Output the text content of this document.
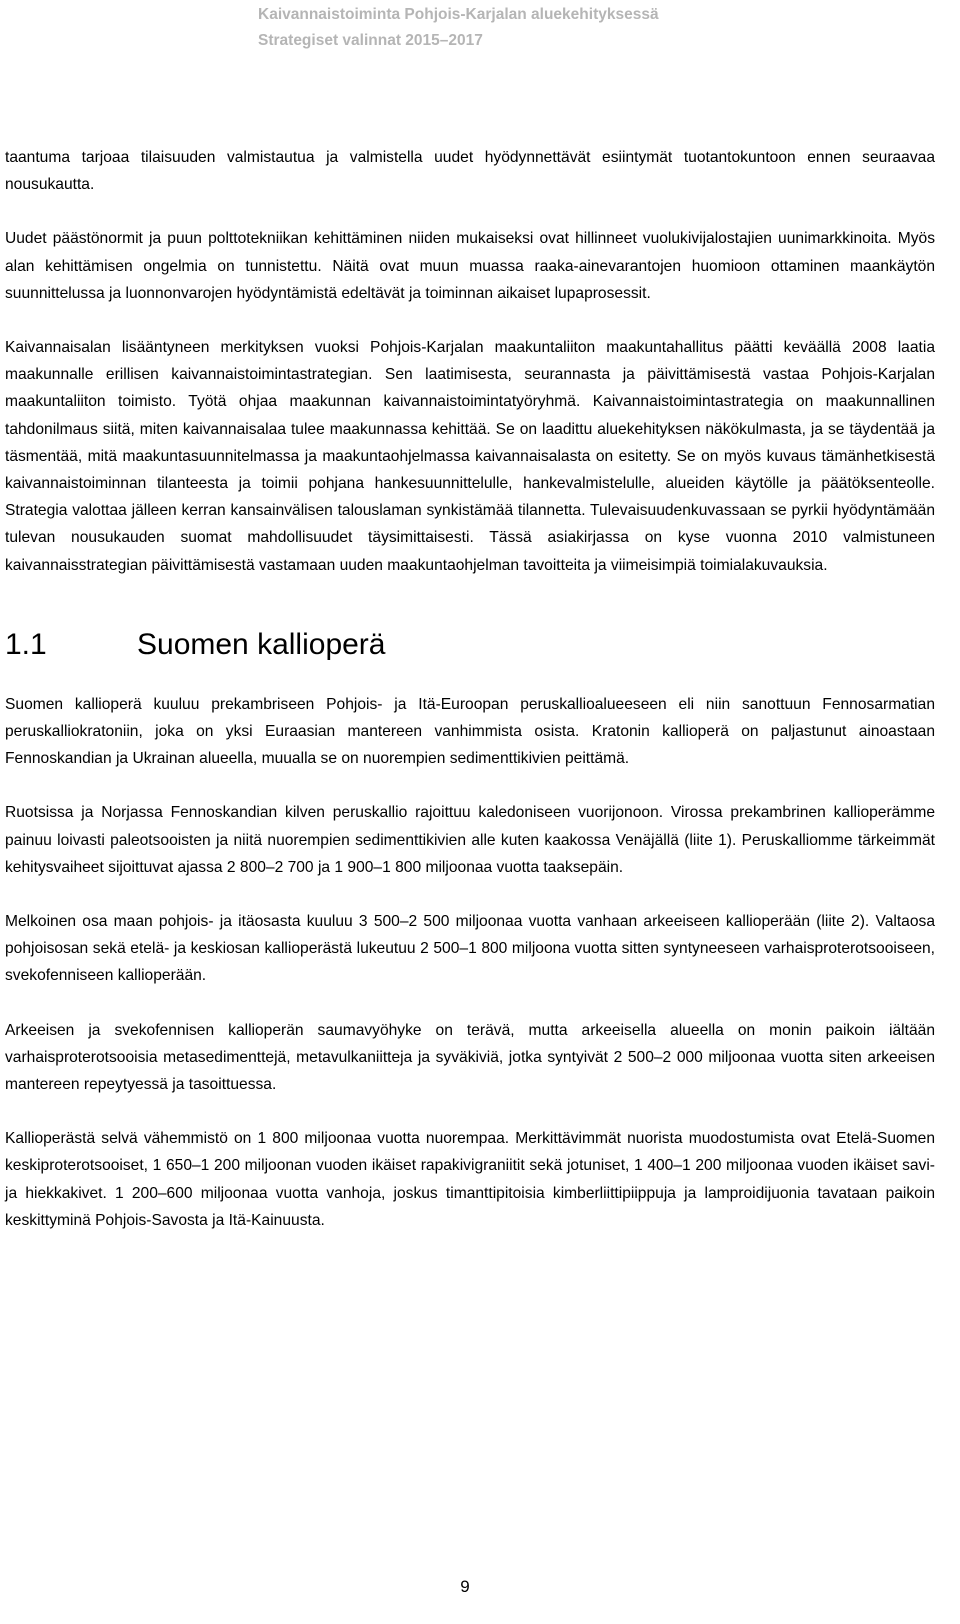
Kaivannaistoiminta Pohjois-Karjalan aluekehityksessä
Strategiset valinnat 2015–2017

taantuma tarjoaa tilaisuuden valmistautua ja valmistella uudet hyödynnettävät esiintymät tuotantokuntoon ennen seuraavaa nousukautta.

Uudet päästönormit ja puun polttotekniikan kehittäminen niiden mukaiseksi ovat hillinneet vuolukivijalostajien uunimarkkinoita. Myös alan kehittämisen ongelmia on tunnistettu. Näitä ovat muun muassa raaka-ainevarantojen huomioon ottaminen maankäytön suunnittelussa ja luonnonvarojen hyödyntämistä edeltävät ja toiminnan aikaiset lupaprosessit.

Kaivannaisalan lisääntyneen merkityksen vuoksi Pohjois-Karjalan maakuntaliiton maakuntahallitus päätti keväällä 2008 laatia maakunnalle erillisen kaivannaistoimintastrategian. Sen laatimisesta, seurannasta ja päivittämisestä vastaa Pohjois-Karjalan maakuntaliiton toimisto. Työtä ohjaa maakunnan kaivannaistoimintatyöryhmä. Kaivannaistoimintastrategia on maakunnallinen tahdonilmaus siitä, miten kaivannaisalaa tulee maakunnassa kehittää. Se on laadittu aluekehityksen näkökulmasta, ja se täydentää ja täsmentää, mitä maakuntasuunnitelmassa ja maakuntaohjelmassa kaivannaisalasta on esitetty. Se on myös kuvaus tämänhetkisestä kaivannaistoiminnan tilanteesta ja toimii pohjana hankesuunnittelulle, hankevalmistelulle, alueiden käytölle ja päätöksenteolle. Strategia valottaa jälleen kerran kansainvälisen talouslaman synkistämää tilannetta. Tulevaisuudenkuvassaan se pyrkii hyödyntämään tulevan nousukauden suomat mahdollisuudet täysimittaisesti. Tässä asiakirjassa on kyse vuonna 2010 valmistuneen kaivannaisstrategian päivittämisestä vastamaan uuden maakuntaohjelman tavoitteita ja viimeisimpiä toimialakuvauksia.

1.1	Suomen kallioperä

Suomen kallioperä kuuluu prekambriseen Pohjois- ja Itä-Euroopan peruskallioalueeseen eli niin sanottuun Fennosarmatian peruskalliokratoniin, joka on yksi Euraasian mantereen vanhimmista osista. Kratonin kallioperä on paljastunut ainoastaan Fennoskandian ja Ukrainan alueella, muualla se on nuorempien sedimenttikivien peittämä.

Ruotsissa ja Norjassa Fennoskandian kilven peruskallio rajoittuu kaledoniseen vuorijonoon. Virossa prekambrinen kallioperämme painuu loivasti paleotsooisten ja niitä nuorempien sedimenttikivien alle kuten kaakossa Venäjällä (liite 1). Peruskalliomme tärkeimmät kehitysvaiheet sijoittuvat ajassa 2 800–2 700 ja 1 900–1 800 miljoonaa vuotta taaksepäin.

Melkoinen osa maan pohjois- ja itäosasta kuuluu 3 500–2 500 miljoonaa vuotta vanhaan arkeeiseen kallioperään (liite 2). Valtaosa pohjoisosan sekä etelä- ja keskiosan kallioperästä lukeutuu 2 500–1 800 miljoona vuotta sitten syntyneeseen varhaisproterotsooiseen, svekofenniseen kallioperään.

Arkeeisen ja svekofennisen kallioperän saumavyöhyke on terävä, mutta arkeeisella alueella on monin paikoin iältään varhaisproterotsooisia metasedimenttejä, metavulkaniitteja ja syväkiviä, jotka syntyivät 2 500–2 000 miljoonaa vuotta siten arkeeisen mantereen repeytyessä ja tasoittuessa.

Kallioperästä selvä vähemmistö on 1 800 miljoonaa vuotta nuorempaa. Merkittävimmät nuorista muodostumista ovat Etelä-Suomen keskiproterotsooiset, 1 650–1 200 miljoonan vuoden ikäiset rapakivigraniitit sekä jotuniset, 1 400–1 200 miljoonaa vuoden ikäiset savi- ja hiekkakivet. 1 200–600 miljoonaa vuotta vanhoja, joskus timanttipitoisia kimberliittipiippuja ja lamproidijuonia tavataan paikoin keskittyminä Pohjois-Savosta ja Itä-Kainuusta.

9
